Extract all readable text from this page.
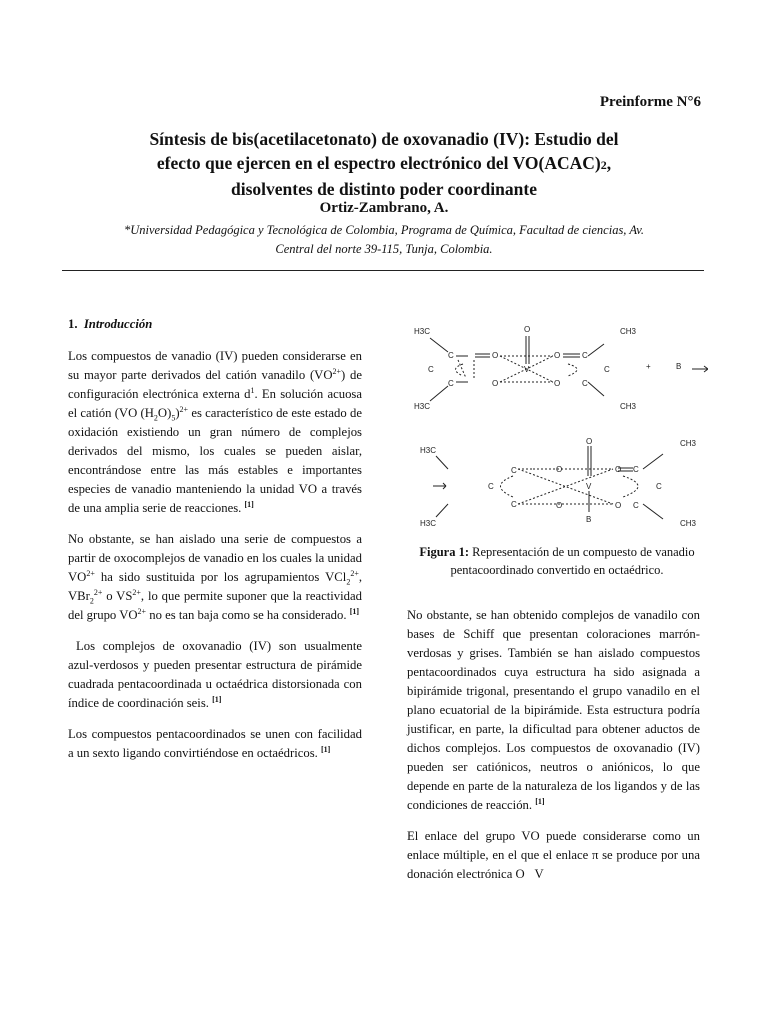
Preinforme N°6
Síntesis de bis(acetilacetonato) de oxovanadio (IV): Estudio del
efecto que ejercen en el espectro electrónico del VO(ACAC)2,
disolventes de distinto poder coordinante
Ortiz-Zambrano, A.
*Universidad Pedagógica y Tecnológica de Colombia, Programa de Química, Facultad de ciencias, Av.
Central del norte 39-115, Tunja, Colombia.
1. Introducción

Los compuestos de vanadio (IV) pueden considerarse en su mayor parte derivados del catión vanadilo $(VO^{2+})$ de configuración electrónica externa $d^1$. En solución acuosa el catión (VO $(H_2O)_5)^{2+}$ es característico de este estado de oxidación existiendo un gran número de complejos derivados del mismo, los cuales se pueden aislar, encontrándose entre las más estables e importantes especies de vanadio manteniendo la unidad VO a través de una amplia serie de reacciones. [1]

No obstante, se han aislado una serie de compuestos a partir de oxocomplejos de vanadio en los cuales la unidad $VO^{2+}$ ha sido sustituida por los agrupamientos VCl$_2^{2+}$, VBr$_2^{2+}$ o $VS^{2+}$, lo que permite suponer que la reactividad del grupo $VO^{2+}$ no es tan baja como se ha considerado. [1]

Los complejos de oxovanadio (IV) son usualmente azul-verdosos y pueden presentar estructura de pirámide cuadrada pentacoordinada u octaédrica distorsionada con índice de coordinación seis. [1]

Los compuestos pentacoordinados se unen con facilidad a un sexto ligando convirtiéndose en octaédricos. [1]

H3C
H3C
C
C
C
O
O
O
V
O
O
C
C
C
CH3
CH3
+	B
H3C
H3C
C
C
C
O
O
O
V
B
O
O
C
C
C
CH3
CH3
Figura 1: Representación de un compuesto de vanadio pentacoordinado convertido en octaédrico.

No obstante, se han obtenido complejos de vanadilo con bases de Schiff que presentan coloraciones marrón-verdosas y grises. También se han aislado compuestos pentacoordinados cuya estructura ha sido asignada a bipirámide trigonal, presentando el grupo vanadilo en el plano ecuatorial de la bipirámide. Esta estructura podría justificar, en parte, la dificultad para obtener aductos de dichos complejos. Los compuestos de oxovanadio (IV) pueden ser catiónicos, neutros o aniónicos, lo que depende en parte de la naturaleza de los ligandos y de las condiciones de reacción. [1]

El enlace del grupo VO puede considerarse como un enlace múltiple, en el que el enlace π se produce por una donación electrónica O V
